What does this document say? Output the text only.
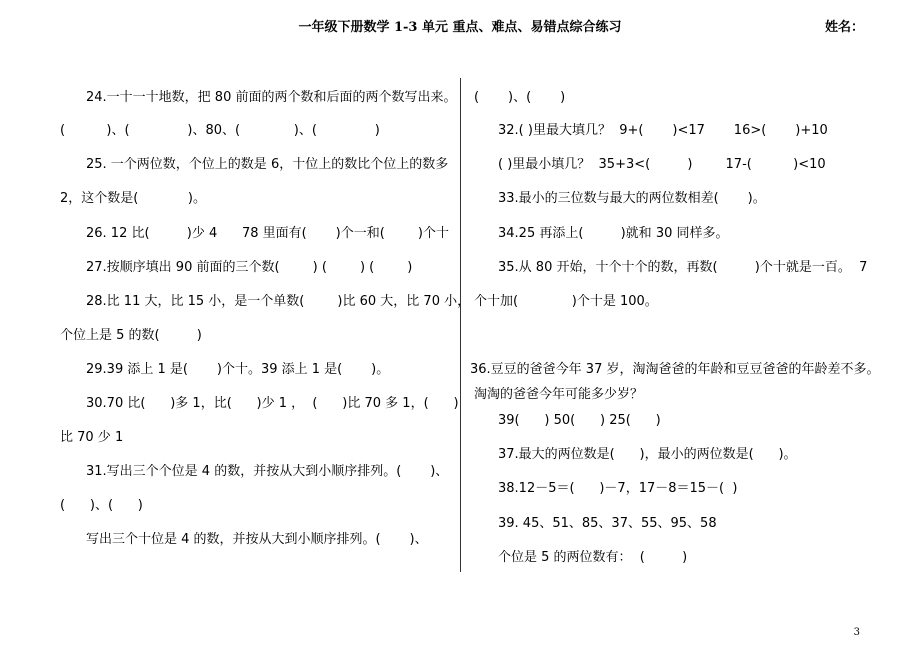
一年级下册数学 1-3 单元 重点、难点、易错点综合练习	姓名：
24.一十一十地数，把 80 前面的两个数和后面的两个数写出来。
(          )、(              )、80、(             )、(              )
25. 一个两位数，个位上的数是 6，十位上的数比个位上的数多
2，这个数是(            )。
26. 12 比(         )少 4      78 里面有(       )个一和(        )个十
27.按顺序填出 90 前面的三个数(        ) (        ) (        )
28.比 11 大，比 15 小，是一个单数(        )比 60 大，比 70 小，
个位上是 5 的数(         )
29.39 添上 1 是(       )个十。39 添上 1 是(       )。
30.70 比(      )多 1，比(      )少 1 ，  (      )比 70 多 1，(      )
比 70 少 1
31.写出三个个位是 4 的数，并按从大到小顺序排列。(       )、
(      )、(      )
写出三个十位是 4 的数，并按从大到小顺序排列。(       )、
(       )、(       )
32.( )里最大填几？  9+(       )<17       16>(       )+10
( )里最小填几？  35+3<(         )        17-(          )<10
33.最小的三位数与最大的两位数相差(       )。
34.25 再添上(         )就和 30 同样多。
35.从 80 开始，十个十个的数，再数(         )个十就是一百。  7
个十加(             )个十是 100。
36.豆豆的爸爸今年 37 岁，淘淘爸爸的年龄和豆豆爸爸的年龄差不多。
淘淘的爸爸今年可能多少岁？
39(      ) 50(      ) 25(      )
37.最大的两位数是(      )，最小的两位数是(      )。
38.12－5＝(      )－7，17－8＝15－(  )
39. 45、51、85、37、55、95、58
个位是 5 的两位数有：  (         )
3
